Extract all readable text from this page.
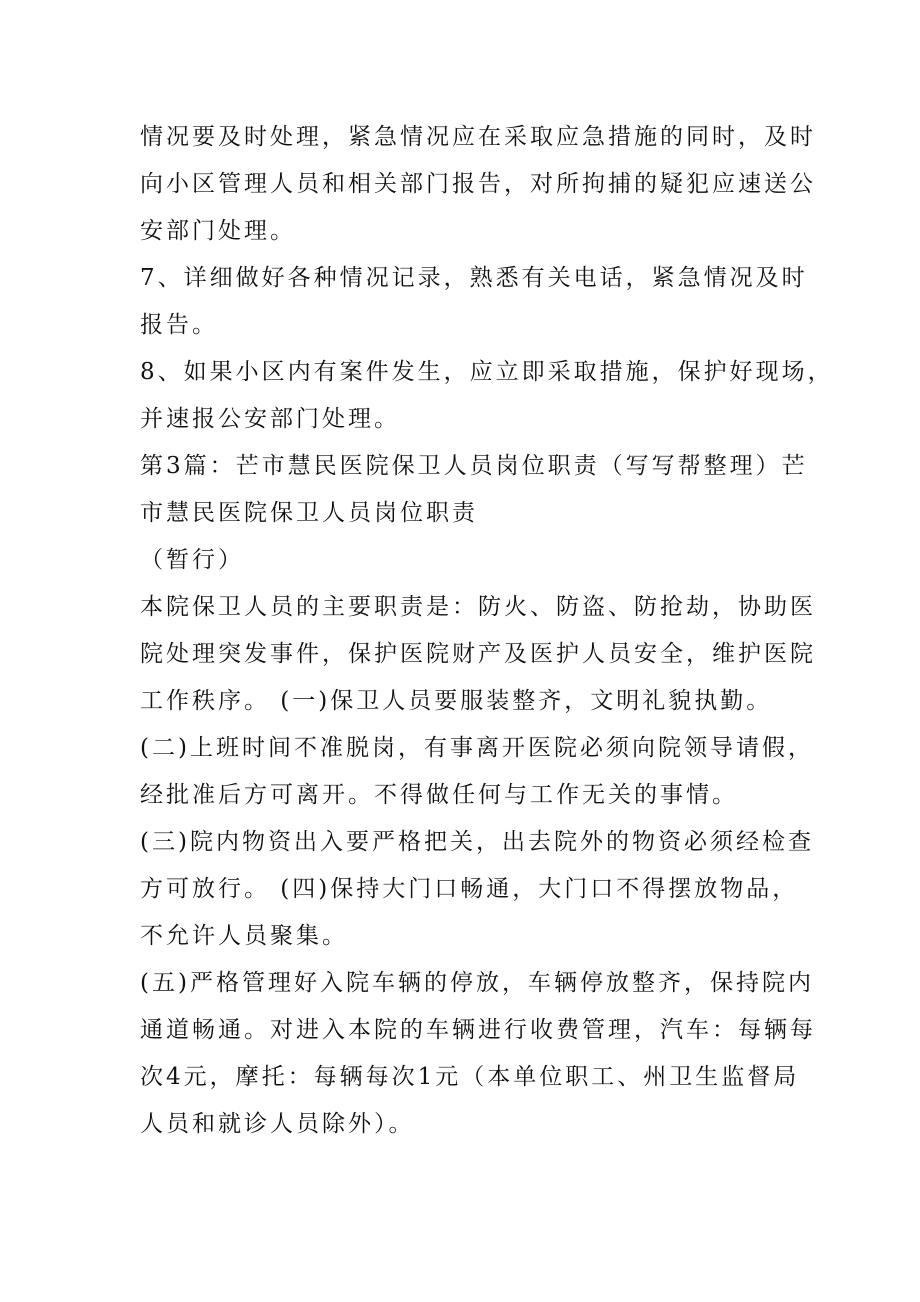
情况要及时处理，紧急情况应在采取应急措施的同时，及时
向小区管理人员和相关部门报告，对所拘捕的疑犯应速送公
安部门处理。
7、详细做好各种情况记录，熟悉有关电话，紧急情况及时
报告。
8、如果小区内有案件发生，应立即采取措施，保护好现场，
并速报公安部门处理。
第3篇：芒市慧民医院保卫人员岗位职责（写写帮整理）芒
市慧民医院保卫人员岗位职责
（暂行）
本院保卫人员的主要职责是：防火、防盗、防抢劫，协助医
院处理突发事件，保护医院财产及医护人员安全，维护医院
工作秩序。 (一)保卫人员要服装整齐，文明礼貌执勤。
(二)上班时间不准脱岗，有事离开医院必须向院领导请假，
经批准后方可离开。不得做任何与工作无关的事情。
(三)院内物资出入要严格把关，出去院外的物资必须经检查
方可放行。 (四)保持大门口畅通，大门口不得摆放物品，
不允许人员聚集。
(五)严格管理好入院车辆的停放，车辆停放整齐，保持院内
通道畅通。对进入本院的车辆进行收费管理，汽车：每辆每
次4元，摩托：每辆每次1元（本单位职工、州卫生监督局
人员和就诊人员除外）。
